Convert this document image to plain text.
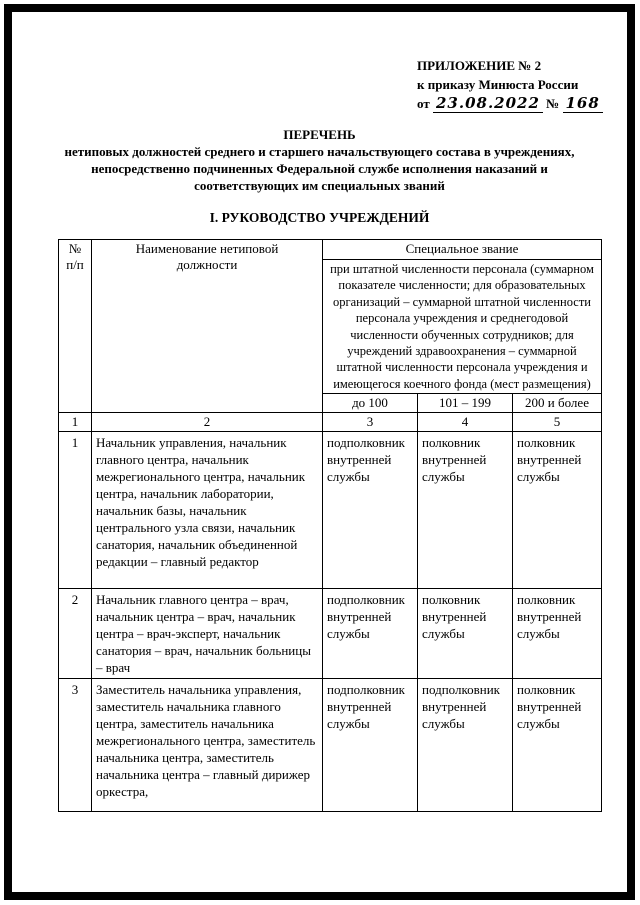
ПРИЛОЖЕНИЕ № 2
к приказу Минюста России
от 23.08.2022 № 168
ПЕРЕЧЕНЬ
нетиповых должностей среднего и старшего начальствующего состава в учреждениях, непосредственно подчиненных Федеральной службе исполнения наказаний и соответствующих им специальных званий
I. РУКОВОДСТВО УЧРЕЖДЕНИЙ
№ п/п	Наименование нетиповой должности	Специальное звание		
		при штатной численности персонала (суммарном показателе численности; для образовательных организаций – суммарной штатной численности персонала учреждения и среднегодовой численности обученных сотрудников; для учреждений здравоохранения – суммарной штатной численности персонала учреждения и имеющегося коечного фонда (мест размещения)		
		до 100	101 – 199	200 и более
1	2	3	4	5
1	Начальник управления, начальник главного центра, начальник межрегионального центра, начальник центра, начальник лаборатории, начальник базы, начальник центрального узла связи, начальник санатория, начальник объединенной редакции – главный редактор	подполковник внутренней службы	полковник внутренней службы	полковник внутренней службы
2	Начальник главного центра – врач, начальник центра – врач, начальник центра – врач-эксперт, начальник санатория – врач, начальник больницы – врач	подполковник внутренней службы	полковник внутренней службы	полковник внутренней службы
3	Заместитель начальника управления, заместитель начальника главного центра, заместитель начальника межрегионального центра, заместитель начальника центра, заместитель начальника центра – главный дирижер оркестра,	подполковник внутренней службы	подполковник внутренней службы	полковник внутренней службы
